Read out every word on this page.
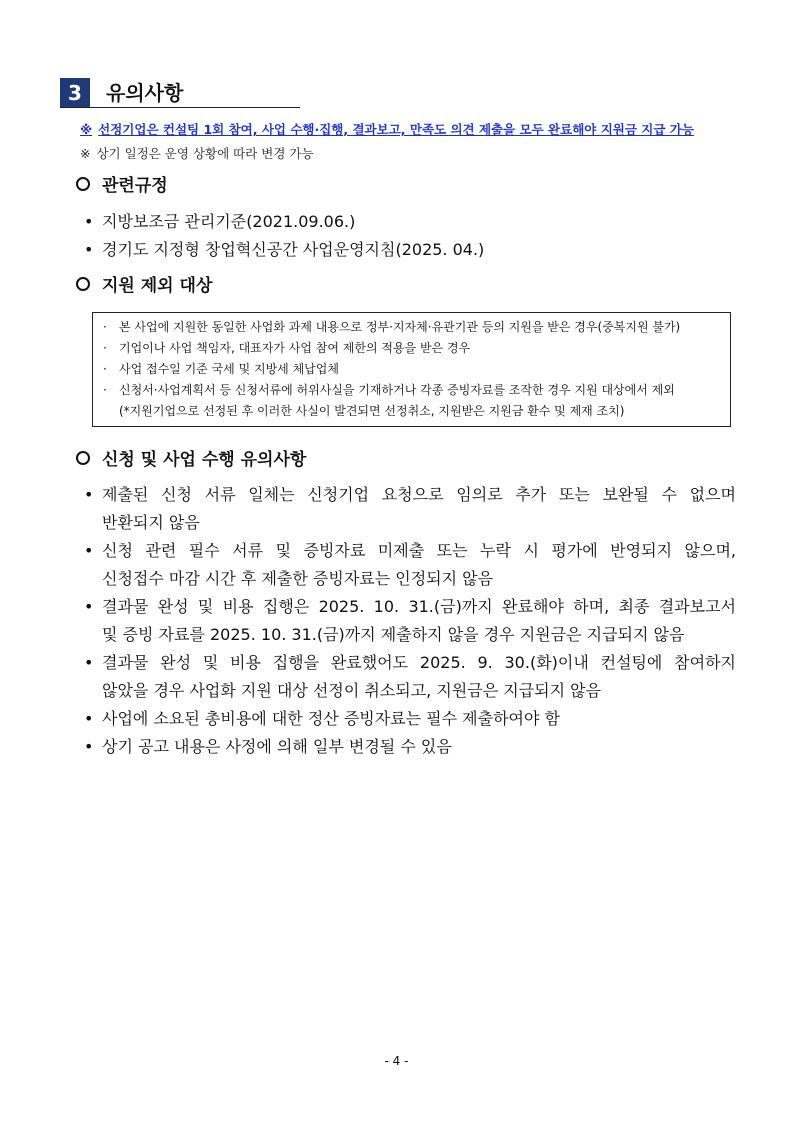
3	유의사항
※ 선정기업은 컨설팅 1회 참여, 사업 수행·집행, 결과보고, 만족도 의견 제출을 모두 완료해야 지원금 지급 가능
※ 상기 일정은 운영 상황에 따라 변경 가능
관련규정
• 지방보조금 관리기준(2021.09.06.)
• 경기도 지정형 창업혁신공간 사업운영지침(2025. 04.)
지원 제외 대상
· 본 사업에 지원한 동일한 사업화 과제 내용으로 정부·지자체·유관기관 등의 지원을 받은 경우(중복지원 불가)
· 기업이나 사업 책임자, 대표자가 사업 참여 제한의 적용을 받은 경우
· 사업 접수일 기준 국세 및 지방세 체납업체
· 신청서·사업계획서 등 신청서류에 허위사실을 기재하거나 각종 증빙자료를 조작한 경우 지원 대상에서 제외
(*지원기업으로 선정된 후 이러한 사실이 발견되면 선정취소, 지원받은 지원금 환수 및 제재 조치)
신청 및 사업 수행 유의사항
• 제출된 신청 서류 일체는 신청기업 요청으로 임의로 추가 또는 보완될 수 없으며
반환되지 않음
• 신청 관련 필수 서류 및 증빙자료 미제출 또는 누락 시 평가에 반영되지 않으며,
신청접수 마감 시간 후 제출한 증빙자료는 인정되지 않음
• 결과물 완성 및 비용 집행은 2025. 10. 31.(금)까지 완료해야 하며, 최종 결과보고서
및 증빙 자료를 2025. 10. 31.(금)까지 제출하지 않을 경우 지원금은 지급되지 않음
• 결과물 완성 및 비용 집행을 완료했어도 2025. 9. 30.(화)이내 컨설팅에 참여하지
않았을 경우 사업화 지원 대상 선정이 취소되고, 지원금은 지급되지 않음
• 사업에 소요된 총비용에 대한 정산 증빙자료는 필수 제출하여야 함
• 상기 공고 내용은 사정에 의해 일부 변경될 수 있음
- 4 -
